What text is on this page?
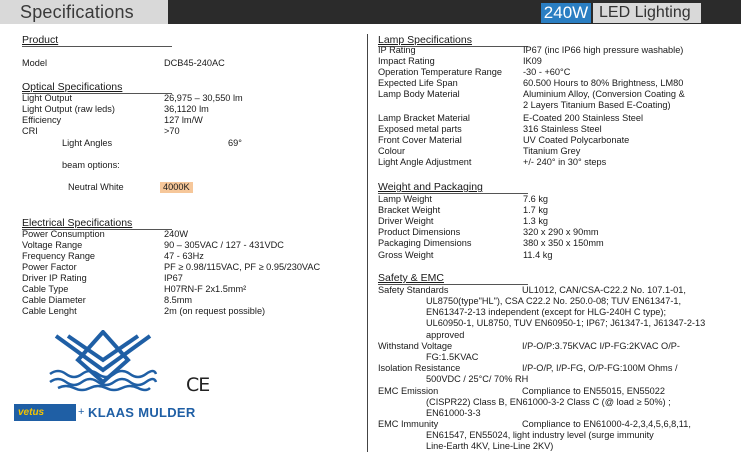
Specifications	240W LED Lighting
Product
Model	DCB45-240AC
Optical Specifications
Light Output	26,975 – 30,550 lm
Light Output (raw leds)	36,1120 lm
Efficiency	127 lm/W
CRI	>70
Light Angles	69°
beam options:
Neutral White	4000K
Electrical Specifications
Power Consumption	240W
Voltage Range	90 – 305VAC / 127 - 431VDC
Frequency Range	47 - 63Hz
Power Factor	PF ≥ 0.98/115VAC, PF ≥ 0.95/230VAC
Driver IP Rating	IP67
Cable Type	H07RN-F 2x1.5mm²
Cable Diameter	8.5mm
Cable Lenght	2m (on request possible)
CE
vetus	+ KLAAS MULDER
Lamp Specifications
IP Rating	IP67 (inc IP66 high pressure washable)
Impact Rating	IK09
Operation Temperature Range -30 - +60°C
Expected Life Span	60.500 Hours to 80% Brightness, LM80
Lamp Body Material	Aluminium Alloy, (Conversion Coating &
2 Layers Titanium Based E-Coating)
Lamp Bracket Material	E-Coated 200 Stainless Steel
Exposed metal parts	316 Stainless Steel
Front Cover Material	UV Coated Polycarbonate
Colour	Titanium Grey
Light Angle Adjustment	+/- 240° in 30° steps
Weight and Packaging
Lamp Weight	7.6 kg
Bracket Weight	1.7 kg
Driver Weight	1.3 kg
Product Dimensions	320 x 290 x 90mm
Packaging Dimensions	380 x 350 x 150mm
Gross Weight	11.4 kg
Safety & EMC
Safety Standards	UL1012, CAN/CSA-C22.2 No. 107.1-01,
UL8750(type"HL"), CSA C22.2 No. 250.0-08; TUV EN61347-1,
EN61347-2-13 independent (except for HLG-240H C type);
UL60950-1, UL8750, TUV EN60950-1; IP67; J61347-1, J61347-2-13
approved
Withstand Voltage	I/P-O/P:3.75KVAC I/P-FG:2KVAC O/P-
FG:1.5KVAC
Isolation Resistance	I/P-O/P, I/P-FG, O/P-FG:100M Ohms /
500VDC / 25°C/ 70% RH
EMC Emission	Compliance to EN55015, EN55022
(CISPR22) Class B, EN61000-3-2 Class C (@ load ≥ 50%) ;
EN61000-3-3
EMC Immunity	Compliance to EN61000-4-2,3,4,5,6,8,11,
EN61547, EN55024, light industry level (surge immunity
Line-Earth 4KV, Line-Line 2KV)
